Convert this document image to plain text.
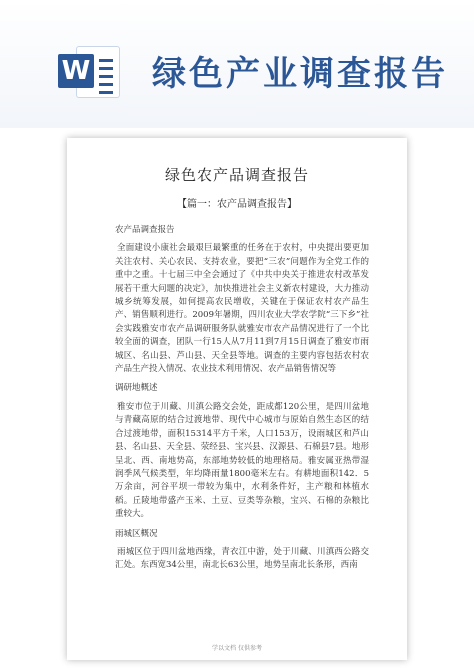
W 绿色产业调查报告
绿色农产品调查报告
【篇一：农产品调查报告】
农产品调查报告

全面建设小康社会最艰巨最繁重的任务在于农村，中央提出要更加关注农村、关心农民、支持农业，要把“三农”问题作为全党工作的重中之重。十七届三中全会通过了《中共中央关于推进农村改革发展若干重大问题的决定》，加快推进社会主义新农村建设，大力推动城乡统筹发展，如何提高农民增收，关键在于保证农村农产品生产、销售顺利进行。2009年暑期，四川农业大学农学院“三下乡”社会实践雅安市农产品调研服务队就雅安市农产品情况进行了一个比较全面的调查，团队一行15人从7月11到7月15日调查了雅安市雨城区、名山县、芦山县、天全县等地。调查的主要内容包括农村农产品生产投入情况、农业技术利用情况、农产品销售情况等

调研地概述

雅安市位于川藏、川滇公路交会处，距成都120公里，是四川盆地与青藏高原的结合过渡地带、现代中心城市与原始自然生态区的结合过渡地带，面积15314平方千米，人口153万，设雨城区和芦山县、名山县、天全县、荥经县、宝兴县、汉源县、石棉县7县。地形呈北、西、南地势高，东部地势较低的地理格局。雅安属亚热带湿润季风气候类型，年均降雨量1800毫米左右。有耕地面积142．5万余亩，河谷平坝一带较为集中，水利条件好，主产粮和林植水稻。丘陵地带盛产玉米、土豆、豆类等杂粮，宝兴、石棉的杂粮比重较大。

雨城区概况

雨城区位于四川盆地西缘，青衣江中游，处于川藏、川滇西公路交汇处。东西宽34公里，南北长63公里，地势呈南北长条形，西南

学以文档 仅供参考
